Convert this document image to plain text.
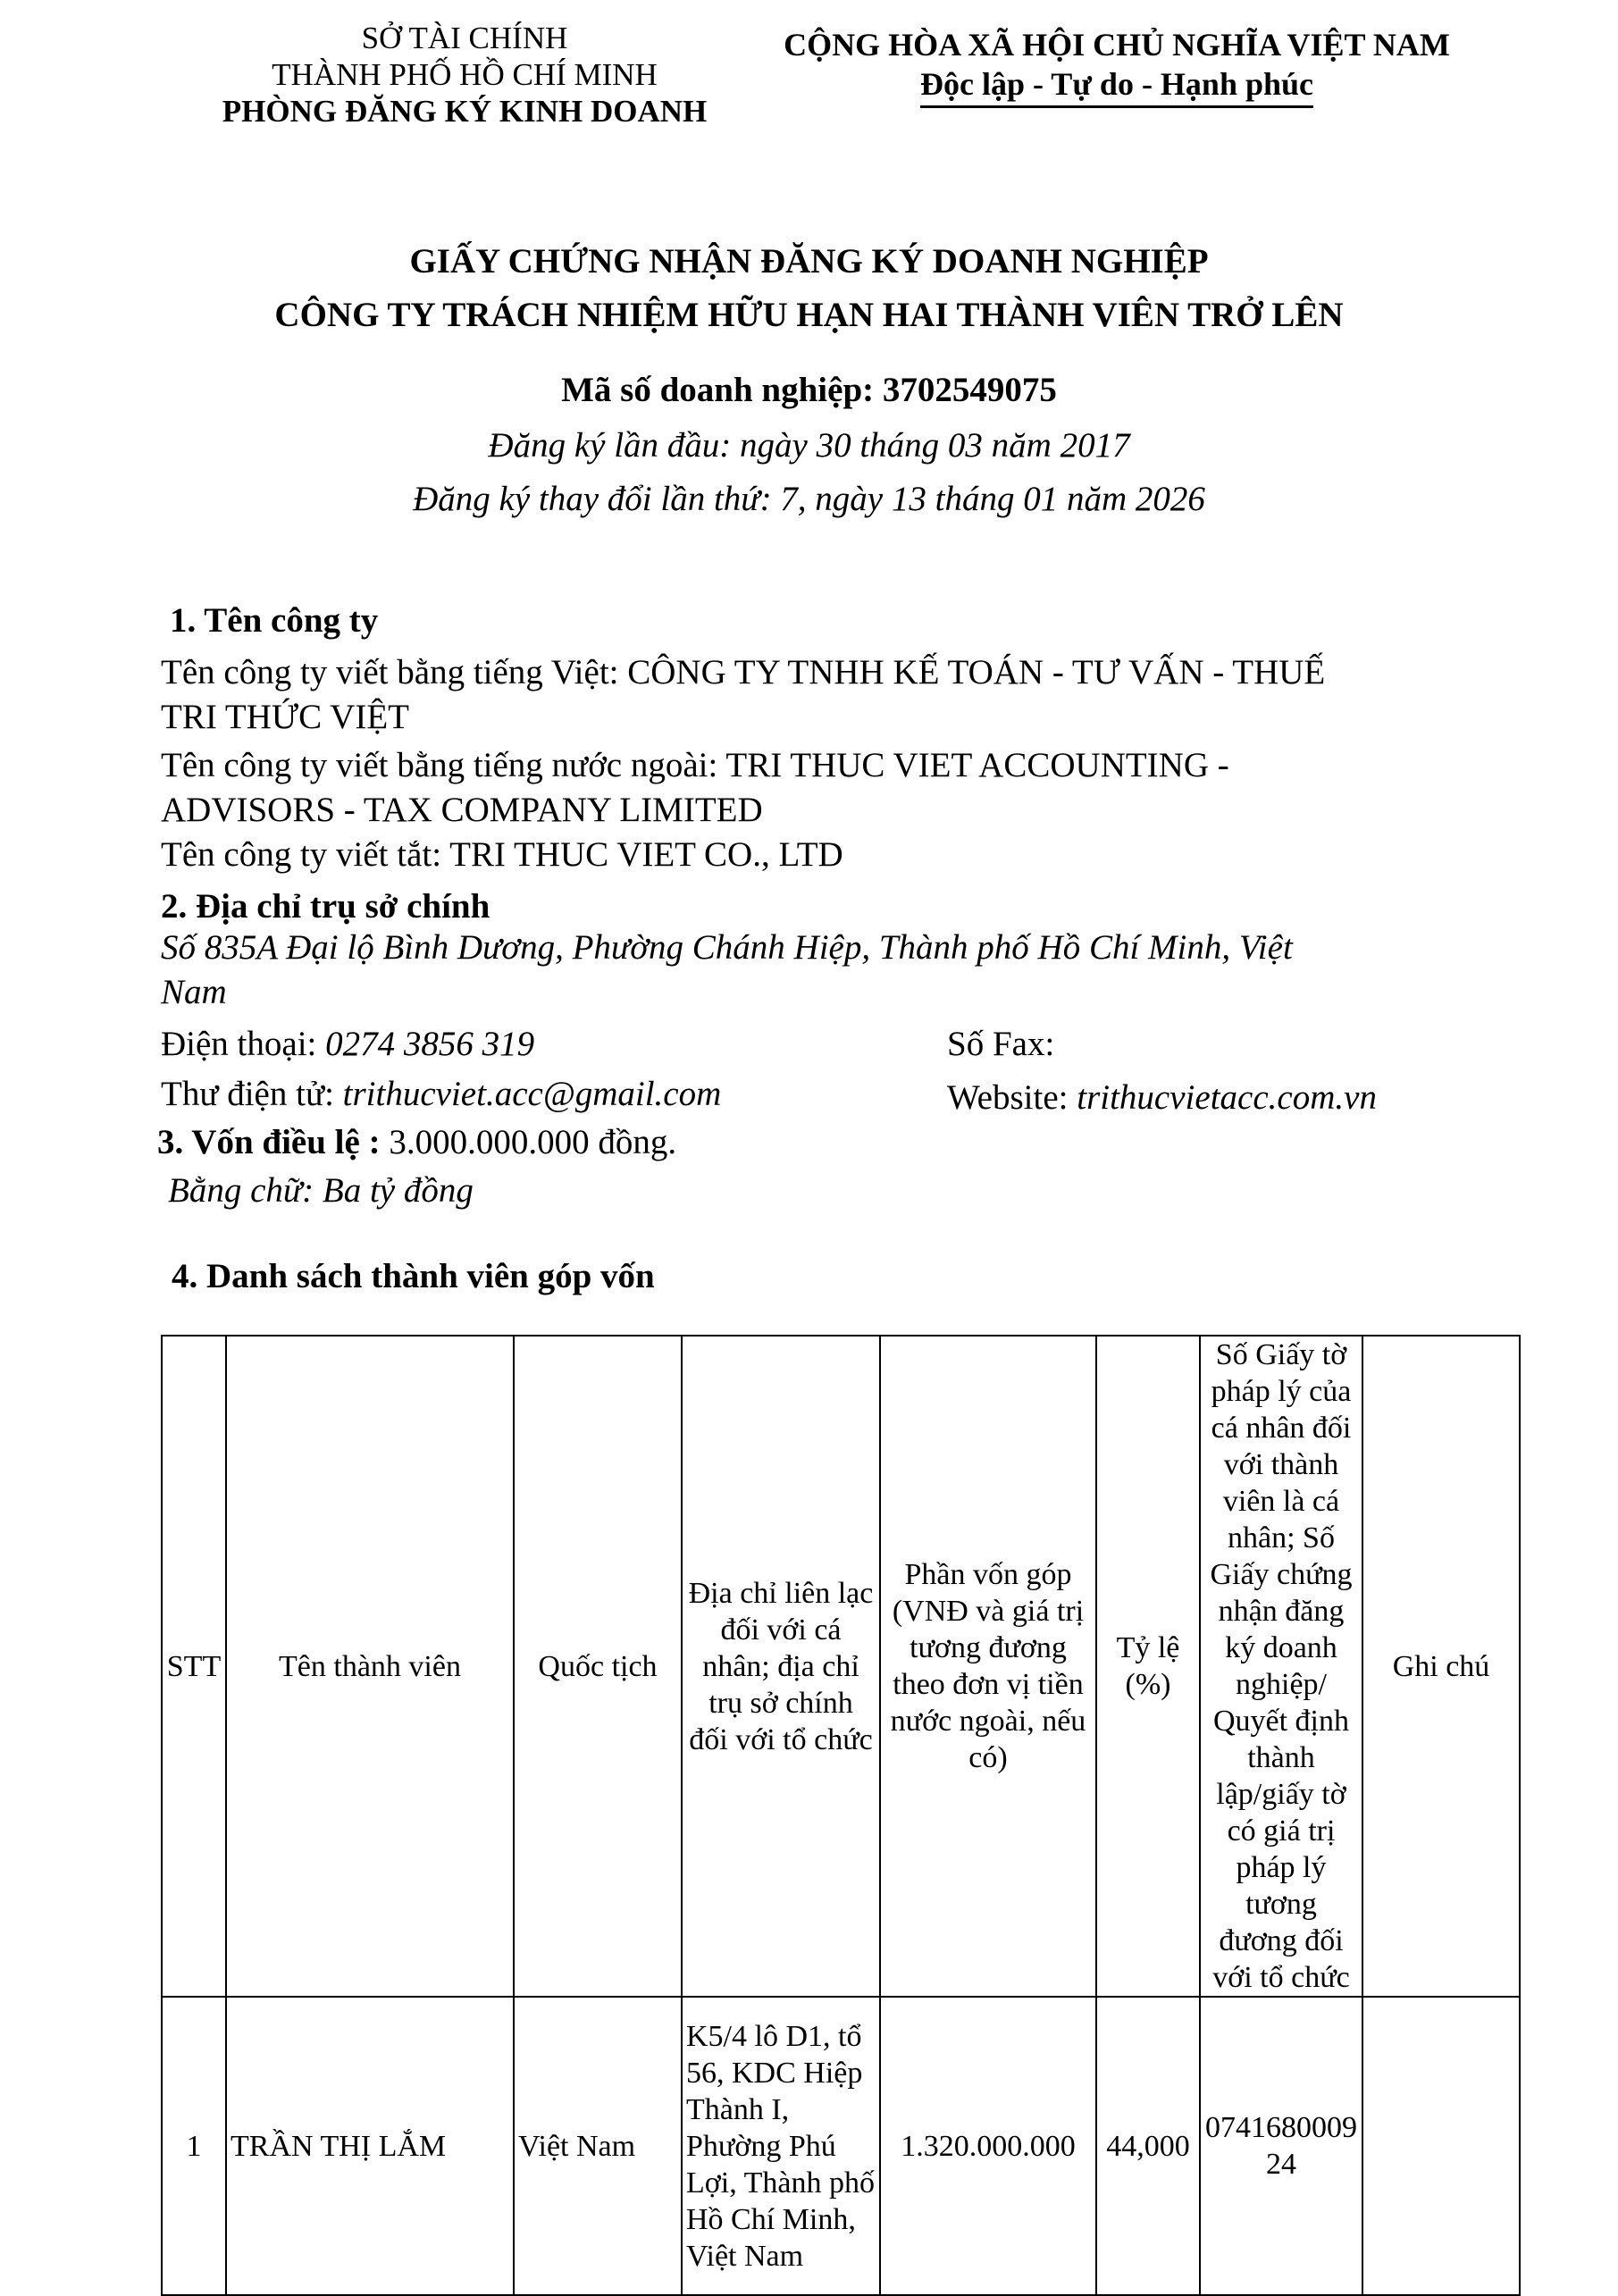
SỞ TÀI CHÍNH
THÀNH PHỐ HỒ CHÍ MINH
PHÒNG ĐĂNG KÝ KINH DOANH
CỘNG HÒA XÃ HỘI CHỦ NGHĨA VIỆT NAM
Độc lập - Tự do - Hạnh phúc
GIẤY CHỨNG NHẬN ĐĂNG KÝ DOANH NGHIỆP
CÔNG TY TRÁCH NHIỆM HỮU HẠN HAI THÀNH VIÊN TRỞ LÊN
Mã số doanh nghiệp: 3702549075
Đăng ký lần đầu: ngày 30 tháng 03 năm 2017
Đăng ký thay đổi lần thứ: 7, ngày 13 tháng 01 năm 2026
1. Tên công ty
Tên công ty viết bằng tiếng Việt: CÔNG TY TNHH KẾ TOÁN - TƯ VẤN - THUẾ
TRI THỨC VIỆT
Tên công ty viết bằng tiếng nước ngoài: TRI THUC VIET ACCOUNTING -
ADVISORS - TAX COMPANY LIMITED
Tên công ty viết tắt: TRI THUC VIET CO., LTD
2. Địa chỉ trụ sở chính
Số 835A Đại lộ Bình Dương, Phường Chánh Hiệp, Thành phố Hồ Chí Minh, Việt
Nam
Điện thoại: 0274 3856 319	Số Fax:
Thư điện tử: trithucviet.acc@gmail.com	Website: trithucvietacc.com.vn
3. Vốn điều lệ : 3.000.000.000 đồng.
Bằng chữ: Ba tỷ đồng
4. Danh sách thành viên góp vốn
STT	Tên thành viên	Quốc tịch	Địa chỉ liên lạc đối với cá nhân; địa chỉ trụ sở chính đối với tổ chức	Phần vốn góp (VNĐ và giá trị tương đương theo đơn vị tiền nước ngoài, nếu có)	Tỷ lệ (%)	Số Giấy tờ pháp lý của cá nhân đối với thành viên là cá nhân; Số Giấy chứng nhận đăng ký doanh nghiệp/ Quyết định thành lập/giấy tờ có giá trị pháp lý tương đương đối với tổ chức	Ghi chú
1	TRẦN THỊ LẮM	Việt Nam	K5/4 lô D1, tổ 56, KDC Hiệp Thành I, Phường Phú Lợi, Thành phố Hồ Chí Minh, Việt Nam	1.320.000.000	44,000	074168000924	
